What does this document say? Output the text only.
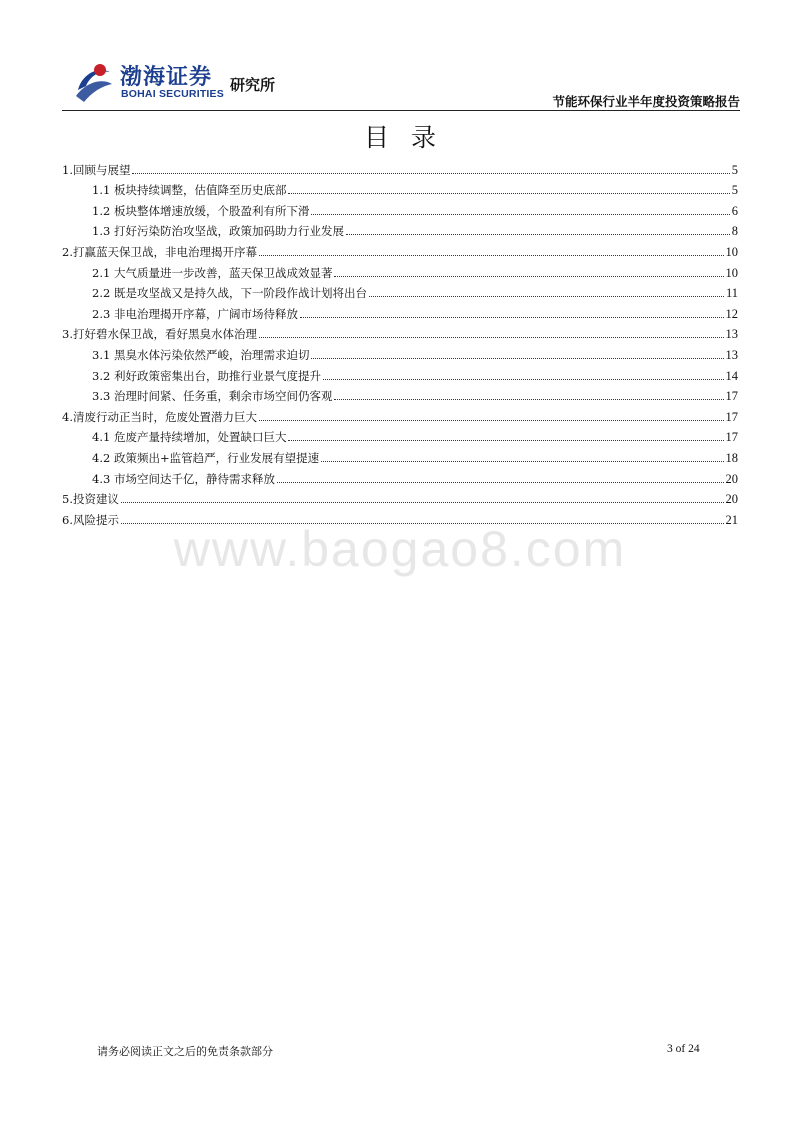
渤海证券
BOHAI SECURITIES 研究所
节能环保行业半年度投资策略报告
目录
1.回顾与展望	5
1.1 板块持续调整，估值降至历史底部	5
1.2 板块整体增速放缓，个股盈利有所下滑	6
1.3 打好污染防治攻坚战，政策加码助力行业发展	8
2.打赢蓝天保卫战，非电治理揭开序幕	10
2.1 大气质量进一步改善，蓝天保卫战成效显著	10
2.2 既是攻坚战又是持久战，下一阶段作战计划将出台	11
2.3 非电治理揭开序幕，广阔市场待释放	12
3.打好碧水保卫战，看好黑臭水体治理	13
3.1 黑臭水体污染依然严峻，治理需求迫切	13
3.2 利好政策密集出台，助推行业景气度提升	14
3.3 治理时间紧、任务重，剩余市场空间仍客观	17
4.清废行动正当时，危废处置潜力巨大	17
4.1 危废产量持续增加，处置缺口巨大	17
4.2 政策频出+监管趋严，行业发展有望提速	18
4.3 市场空间达千亿，静待需求释放	20
5.投资建议	20
6.风险提示	21
www.baogao8.com
请务必阅读正文之后的免责条款部分	3 of 24
